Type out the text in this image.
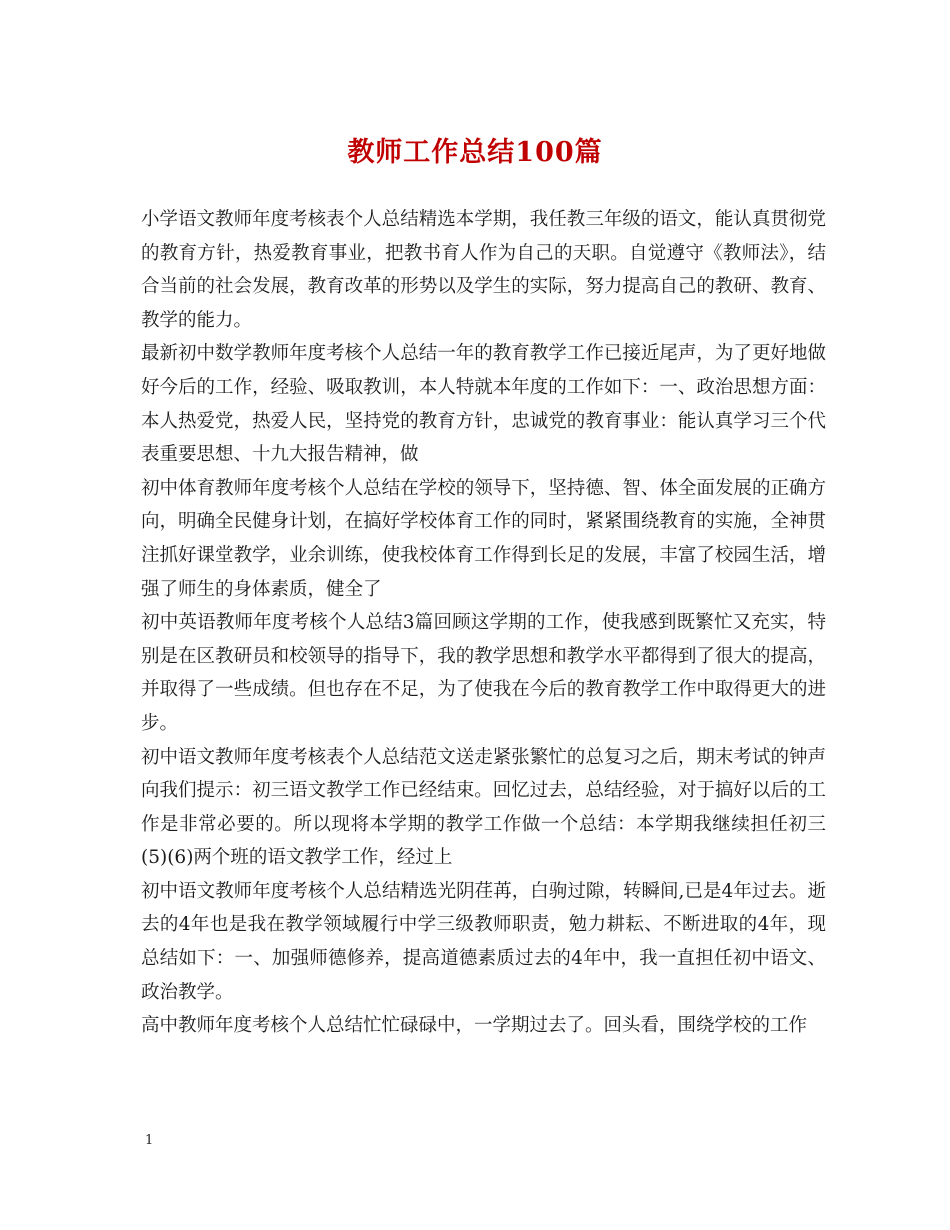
教师工作总结100篇

小学语文教师年度考核表个人总结精选本学期，我任教三年级的语文，能认真贯彻党的教育方针，热爱教育事业，把教书育人作为自己的天职。自觉遵守《教师法》，结合当前的社会发展，教育改革的形势以及学生的实际，努力提高自己的教研、教育、教学的能力。

最新初中数学教师年度考核个人总结一年的教育教学工作已接近尾声，为了更好地做好今后的工作，经验、吸取教训，本人特就本年度的工作如下：一、政治思想方面：本人热爱党，热爱人民，坚持党的教育方针，忠诚党的教育事业：能认真学习三个代表重要思想、十九大报告精神，做

初中体育教师年度考核个人总结在学校的领导下，坚持德、智、体全面发展的正确方向，明确全民健身计划，在搞好学校体育工作的同时，紧紧围绕教育的实施，全神贯注抓好课堂教学，业余训练，使我校体育工作得到长足的发展，丰富了校园生活，增强了师生的身体素质，健全了

初中英语教师年度考核个人总结3篇回顾这学期的工作，使我感到既繁忙又充实，特别是在区教研员和校领导的指导下，我的教学思想和教学水平都得到了很大的提高，并取得了一些成绩。但也存在不足，为了使我在今后的教育教学工作中取得更大的进步。

初中语文教师年度考核表个人总结范文送走紧张繁忙的总复习之后，期末考试的钟声向我们提示：初三语文教学工作已经结束。回忆过去，总结经验，对于搞好以后的工作是非常必要的。所以现将本学期的教学工作做一个总结：本学期我继续担任初三(5)(6)两个班的语文教学工作，经过上

初中语文教师年度考核个人总结精选光阴荏苒，白驹过隙，转瞬间,已是4年过去。逝去的4年也是我在教学领域履行中学三级教师职责，勉力耕耘、不断进取的4年，现总结如下：一、加强师德修养，提高道德素质过去的4年中，我一直担任初中语文、政治教学。

高中教师年度考核个人总结忙忙碌碌中，一学期过去了。回头看，围绕学校的工作

1
